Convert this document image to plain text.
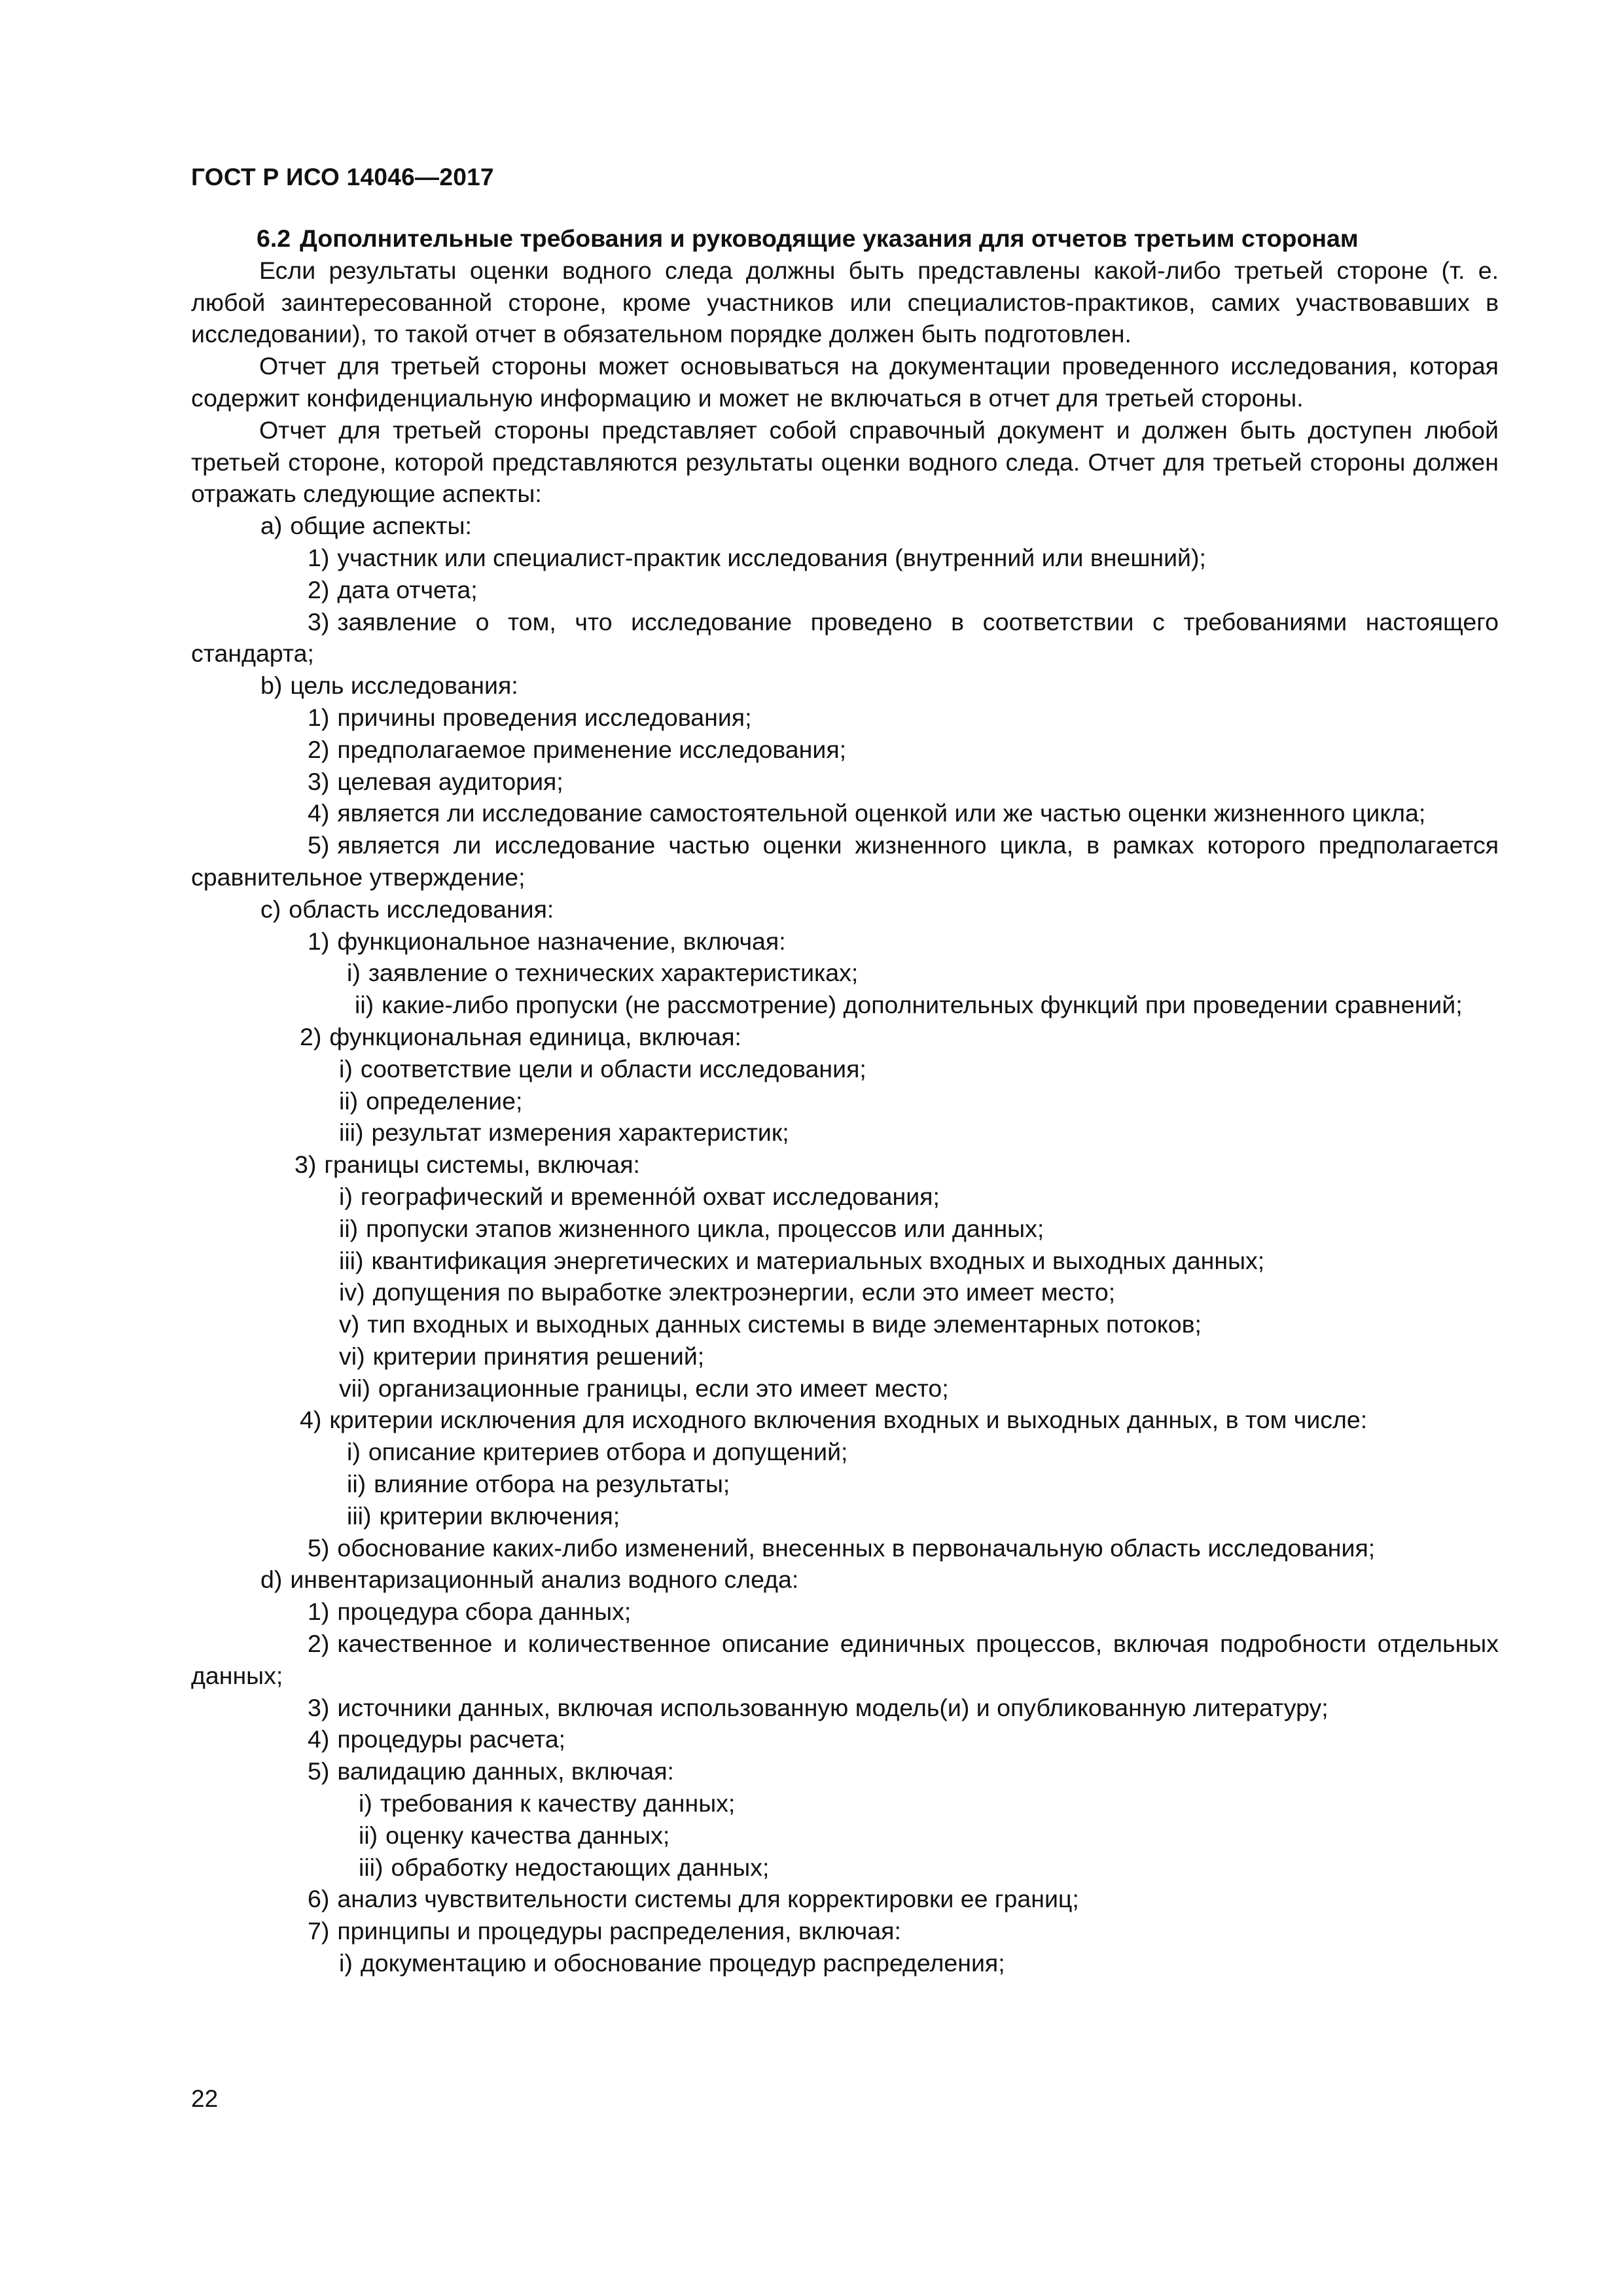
ГОСТ Р ИСО 14046—2017

6.2 Дополнительные требования и руководящие указания для отчетов третьим сторонам

Если результаты оценки водного следа должны быть представлены какой-либо третьей стороне (т. е. любой заинтересованной стороне, кроме участников или специалистов-практиков, самих участвовавших в исследовании), то такой отчет в обязательном порядке должен быть подготовлен.

Отчет для третьей стороны может основываться на документации проведенного исследования, которая содержит конфиденциальную информацию и может не включаться в отчет для третьей стороны.

Отчет для третьей стороны представляет собой справочный документ и должен быть доступен любой третьей стороне, которой представляются результаты оценки водного следа. Отчет для третьей стороны должен отражать следующие аспекты:

a) общие аспекты:

1) участник или специалист-практик исследования (внутренний или внешний);

2) дата отчета;

3) заявление о том, что исследование проведено в соответствии с требованиями настоящего стандарта;

b) цель исследования:

1) причины проведения исследования;

2) предполагаемое применение исследования;

3) целевая аудитория;

4) является ли исследование самостоятельной оценкой или же частью оценки жизненного цикла;

5) является ли исследование частью оценки жизненного цикла, в рамках которого предполагается сравнительное утверждение;

c) область исследования:

1) функциональное назначение, включая:

i) заявление о технических характеристиках;

ii) какие-либо пропуски (не рассмотрение) дополнительных функций при проведении сравнений;

2) функциональная единица, включая:

i) соответствие цели и области исследования;

ii) определение;

iii) результат измерения характеристик;

3) границы системы, включая:

i) географический и временно́й охват исследования;

ii) пропуски этапов жизненного цикла, процессов или данных;

iii) квантификация энергетических и материальных входных и выходных данных;

iv) допущения по выработке электроэнергии, если это имеет место;

v) тип входных и выходных данных системы в виде элементарных потоков;

vi) критерии принятия решений;

vii) организационные границы, если это имеет место;

4) критерии исключения для исходного включения входных и выходных данных, в том числе:

i) описание критериев отбора и допущений;

ii) влияние отбора на результаты;

iii) критерии включения;

5) обоснование каких-либо изменений, внесенных в первоначальную область исследования;

d) инвентаризационный анализ водного следа:

1) процедура сбора данных;

2) качественное и количественное описание единичных процессов, включая подробности отдельных данных;

3) источники данных, включая использованную модель(и) и опубликованную литературу;

4) процедуры расчета;

5) валидацию данных, включая:

i) требования к качеству данных;

ii) оценку качества данных;

iii) обработку недостающих данных;

6) анализ чувствительности системы для корректировки ее границ;

7) принципы и процедуры распределения, включая:

i) документацию и обоснование процедур распределения;

22
